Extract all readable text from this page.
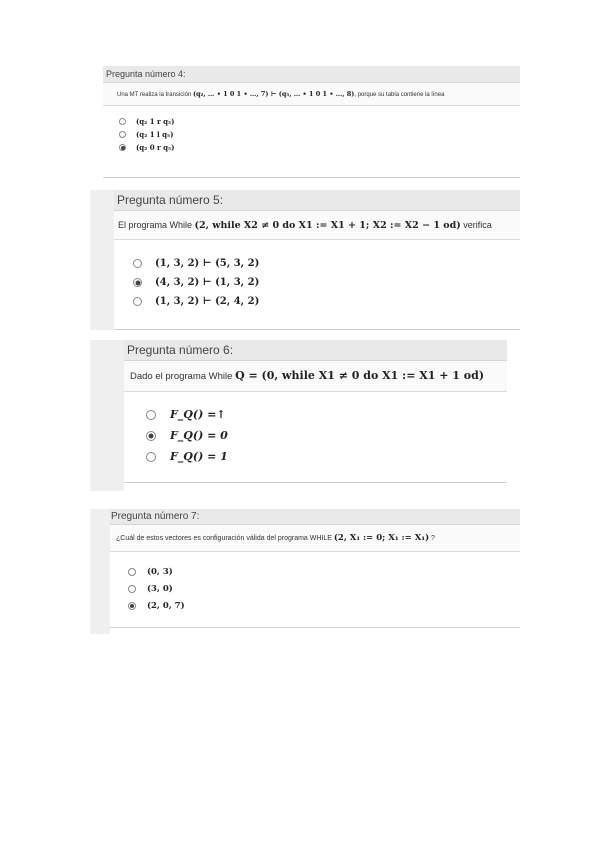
Pregunta número 4:
Una MT realiza la transición (q₂, … • 1 0 1 • …, 7) ⊢ (q₅, … • 1 0 1 • …, 8), porque su tabla contiene la línea
(q₂ 1 r q₅)
(q₂ 1 l q₅)
(q₂ 0 r q₅)
Pregunta número 5:
El programa While (2, while X2 ≠ 0 do X1 := X1 + 1; X2 := X2 − 1 od) verifica
(1, 3, 2) ⊢ (5, 3, 2)
(4, 3, 2) ⊢ (1, 3, 2)
(1, 3, 2) ⊢ (2, 4, 2)
Pregunta número 6:
Dado el programa While Q = (0, while X1 ≠ 0 do X1 := X1 + 1 od)
F_Q() =↑
F_Q() = 0
F_Q() = 1
Pregunta número 7:
¿Cuál de estos vectores es configuración válida del programa WHILE (2, X₁ := 0; X₁ := X₁) ?
(0, 3)
(3, 0)
(2, 0, 7)
